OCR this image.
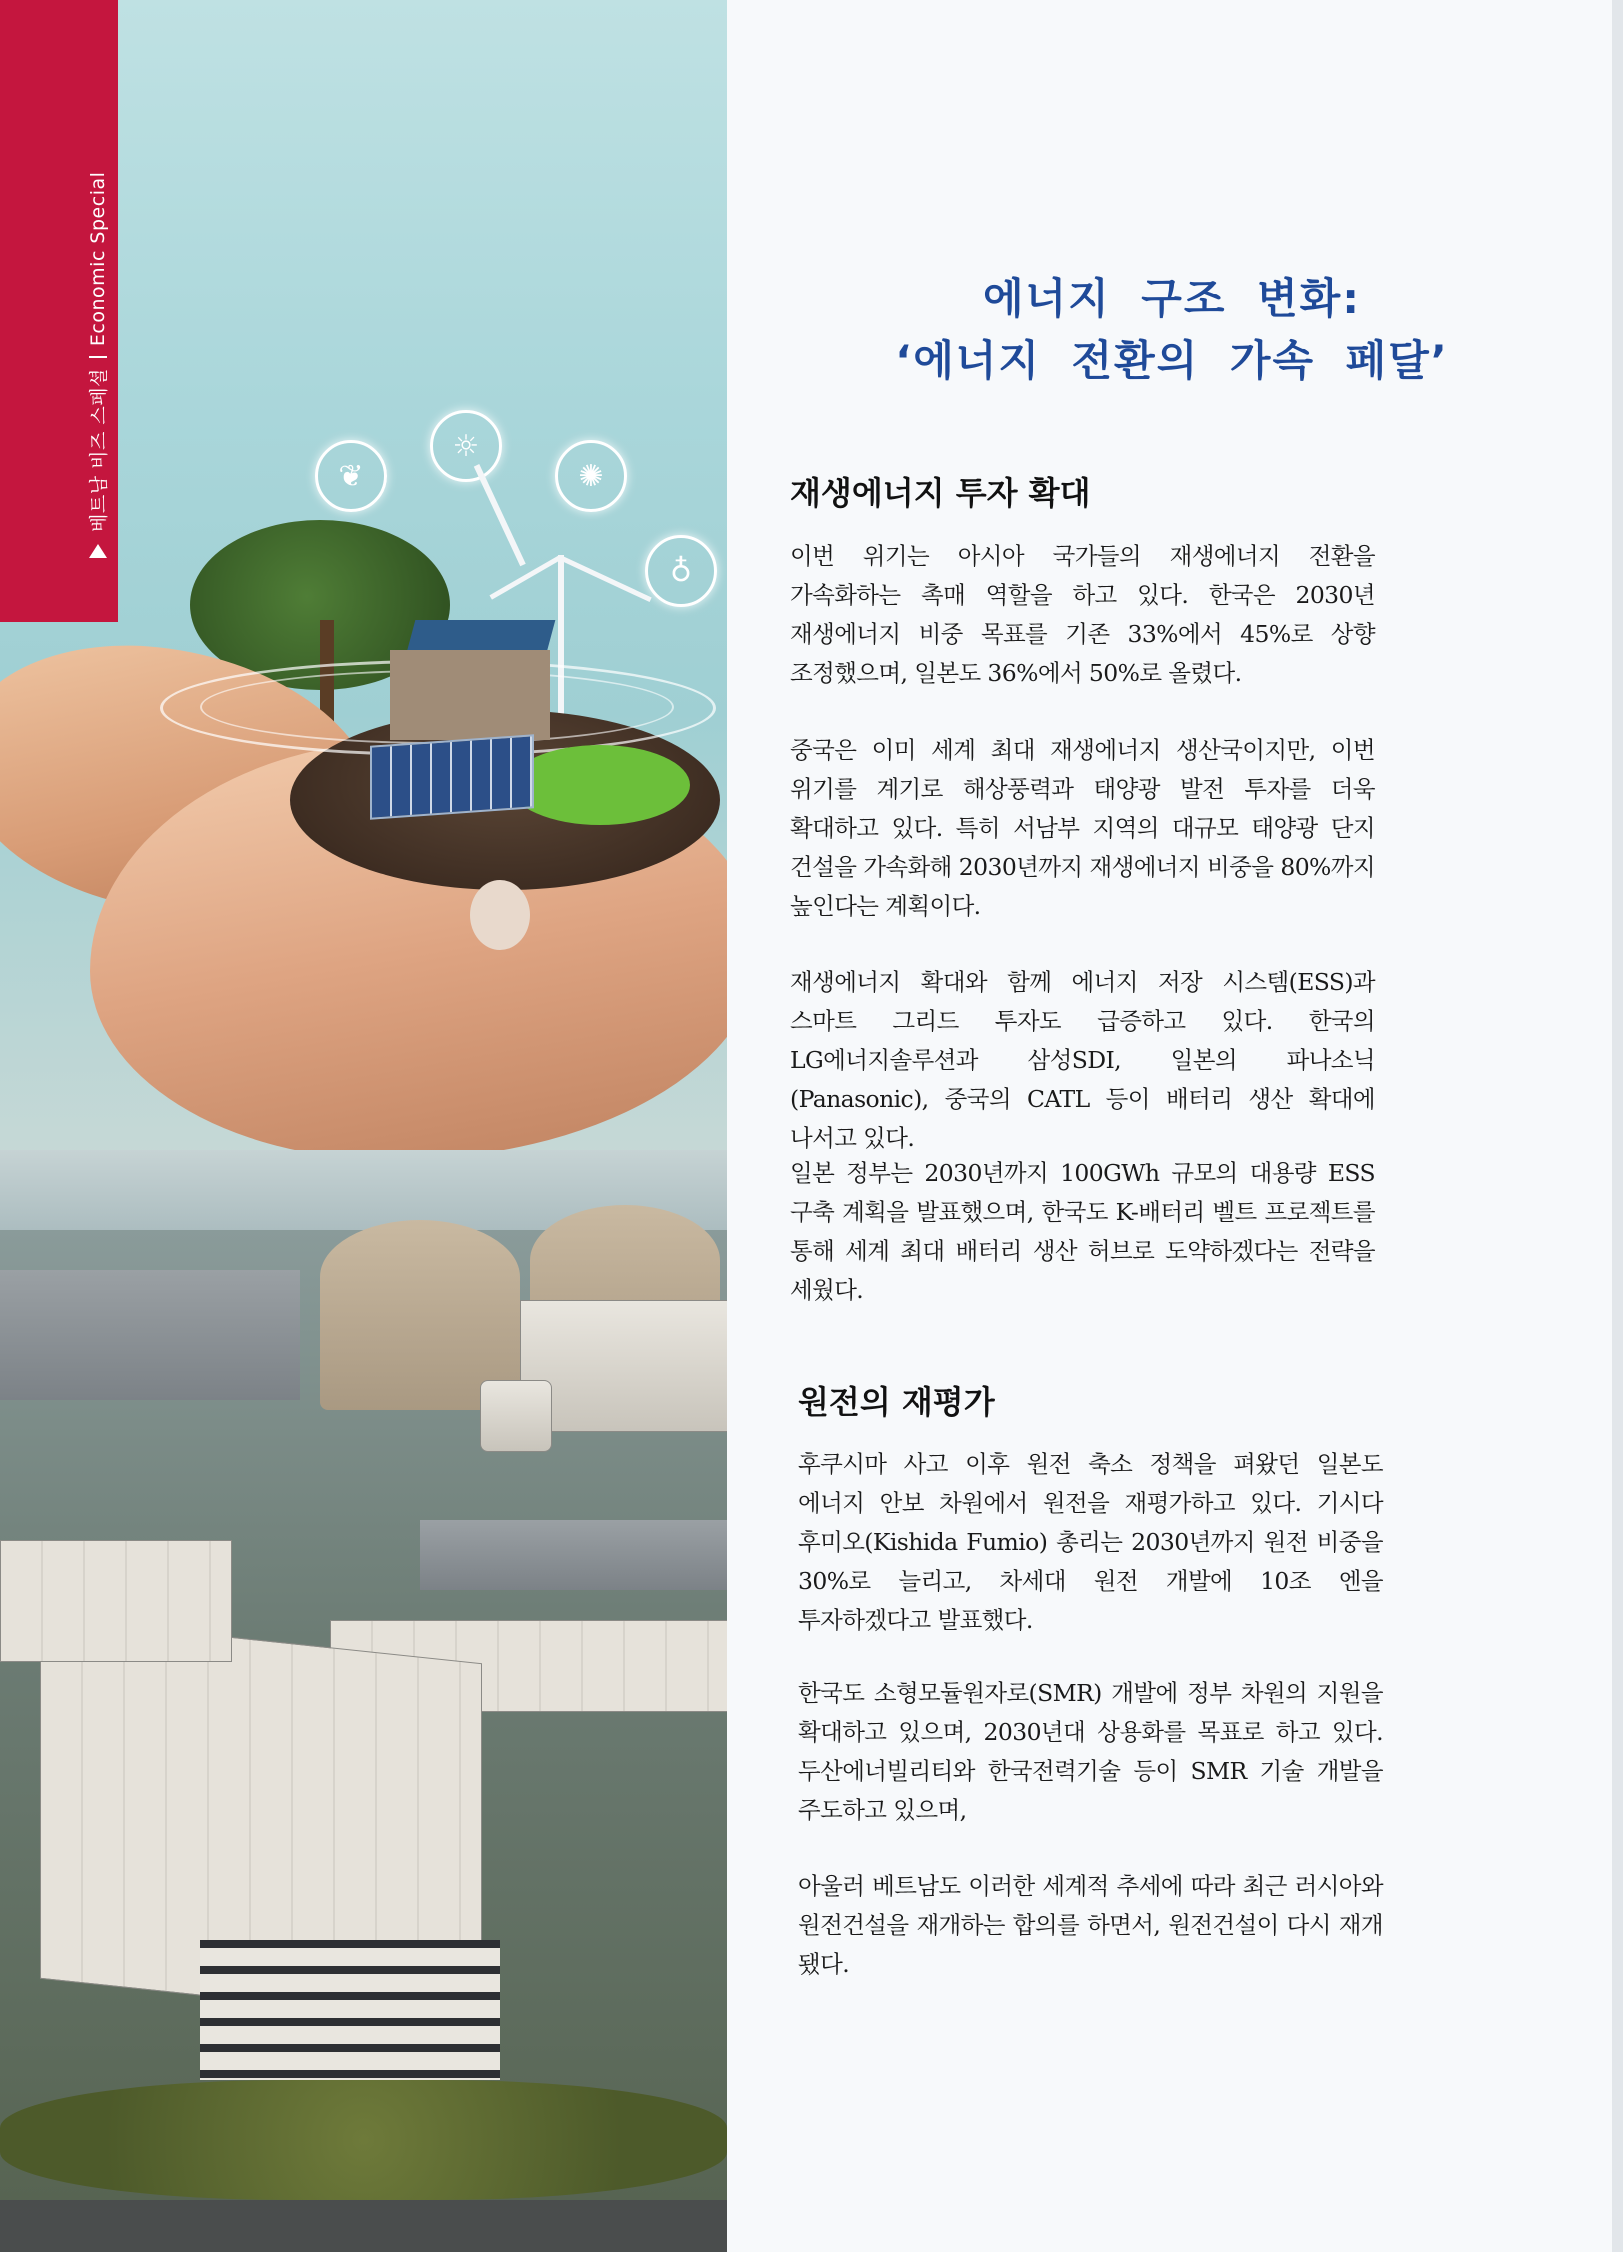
❦
☼
✺
♁
베트남 비즈 스페셜
Economic Special	에너지 구조 변화:
‘에너지 전환의 가속 페달’
재생에너지 투자 확대

이번 위기는 아시아 국가들의 재생에너지 전환을 가속화하는 촉매 역할을 하고 있다. 한국은 2030년 재생에너지 비중 목표를 기존 33%에서 45%로 상향 조정했으며, 일본도 36%에서 50%로 올렸다.

중국은 이미 세계 최대 재생에너지 생산국이지만, 이번 위기를 계기로 해상풍력과 태양광 발전 투자를 더욱 확대하고 있다. 특히 서남부 지역의 대규모 태양광 단지 건설을 가속화해 2030년까지 재생에너지 비중을 80%까지 높인다는 계획이다.

재생에너지 확대와 함께 에너지 저장 시스템(ESS)과 스마트 그리드 투자도 급증하고 있다. 한국의 LG에너지솔루션과 삼성SDI, 일본의 파나소닉(Panasonic), 중국의 CATL 등이 배터리 생산 확대에 나서고 있다.

일본 정부는 2030년까지 100GWh 규모의 대용량 ESS 구축 계획을 발표했으며, 한국도 K-배터리 벨트 프로젝트를 통해 세계 최대 배터리 생산 허브로 도약하겠다는 전략을 세웠다.

원전의 재평가

후쿠시마 사고 이후 원전 축소 정책을 펴왔던 일본도 에너지 안보 차원에서 원전을 재평가하고 있다. 기시다 후미오(Kishida Fumio) 총리는 2030년까지 원전 비중을 30%로 늘리고, 차세대 원전 개발에 10조 엔을 투자하겠다고 발표했다.

한국도 소형모듈원자로(SMR) 개발에 정부 차원의 지원을 확대하고 있으며, 2030년대 상용화를 목표로 하고 있다. 두산에너빌리티와 한국전력기술 등이 SMR 기술 개발을 주도하고 있으며,

아울러 베트남도 이러한 세계적 추세에 따라 최근 러시아와 원전건설을 재개하는 합의를 하면서, 원전건설이 다시 재개 됐다.
